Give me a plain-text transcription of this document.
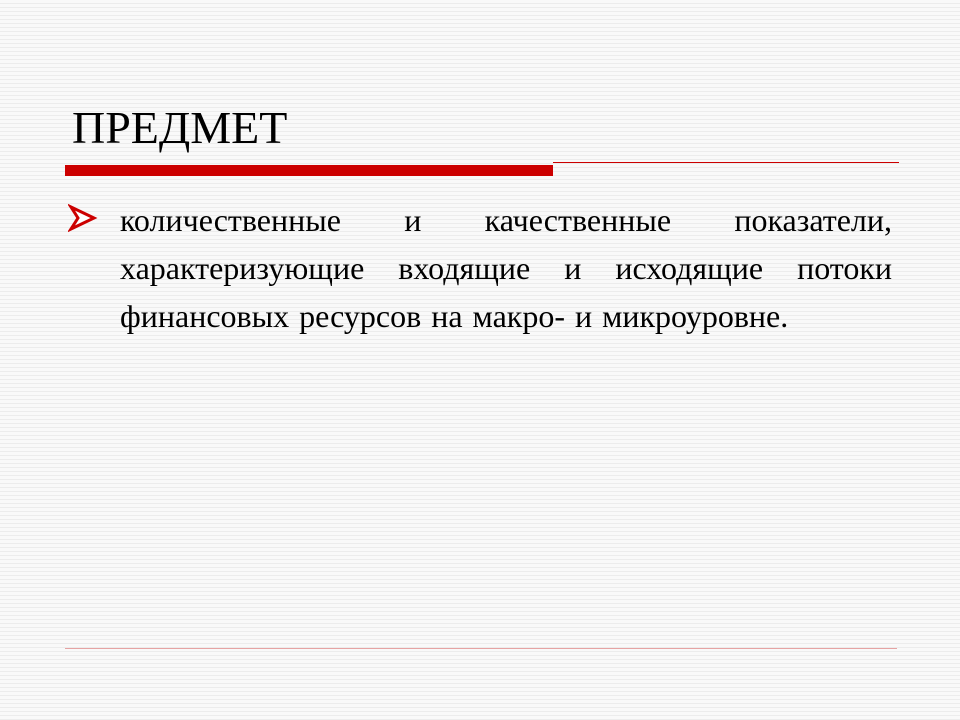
ПРЕДМЕТ
количественные и качественные показатели, характеризующие входящие и исходящие потоки финансовых ресурсов на макро- и микроуровне.
